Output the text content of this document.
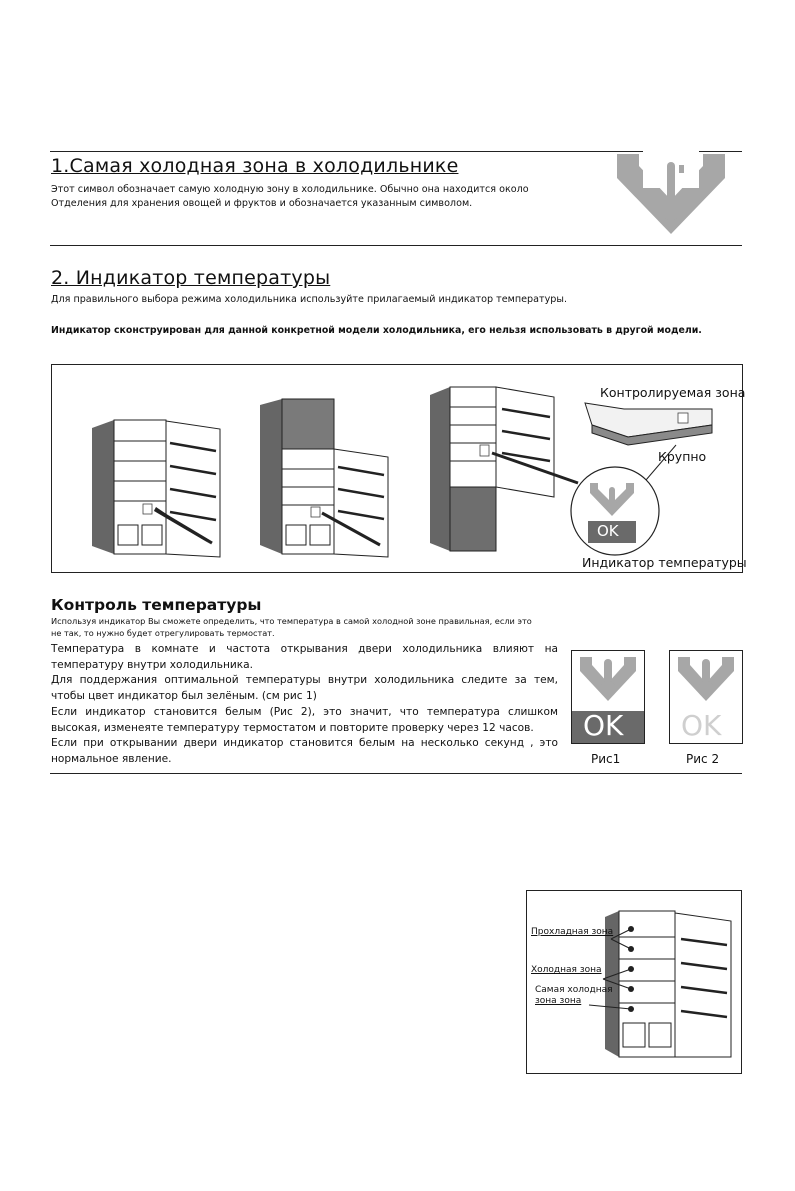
1.Самая холодная зона в холодильнике
Этот символ обозначает самую холодную зону в холодильнике. Обычно она находится около
Отделения для хранения овощей и фруктов и обозначается указанным символом.
2. Индикатор температуры
Для правильного выбора режима холодильника используйте прилагаемый индикатор температуры.
Индикатор сконструирован для данной конкретной модели холодильника, его нельзя использовать в другой модели.
Контролируемая зона
Крупно
OK
Индикатор температуры
Контроль температуры
Используя индикатор Вы сможете определить, что температура в самой холодной зоне правильная, если это
не так, то нужно будет отрегулировать термостат.
Температура в комнате и частота открывания двери холодильника влияют на температуру внутри холодильника.
Для поддержания оптимальной температуры внутри холодильника следите за тем, чтобы цвет индикатор был зелёным. (см рис 1)
Если индикатор становится белым (Рис 2), это значит, что температура слишком высокая, изменеяте температуру термостатом и повторите проверку через 12 часов.
Если при открывании двери индикатор становится белым на несколько секунд , это нормальное явление.
OK OK
Рис1	Рис 2
Прохладная зона
Холодная зона
Самая холодная
зона зона
